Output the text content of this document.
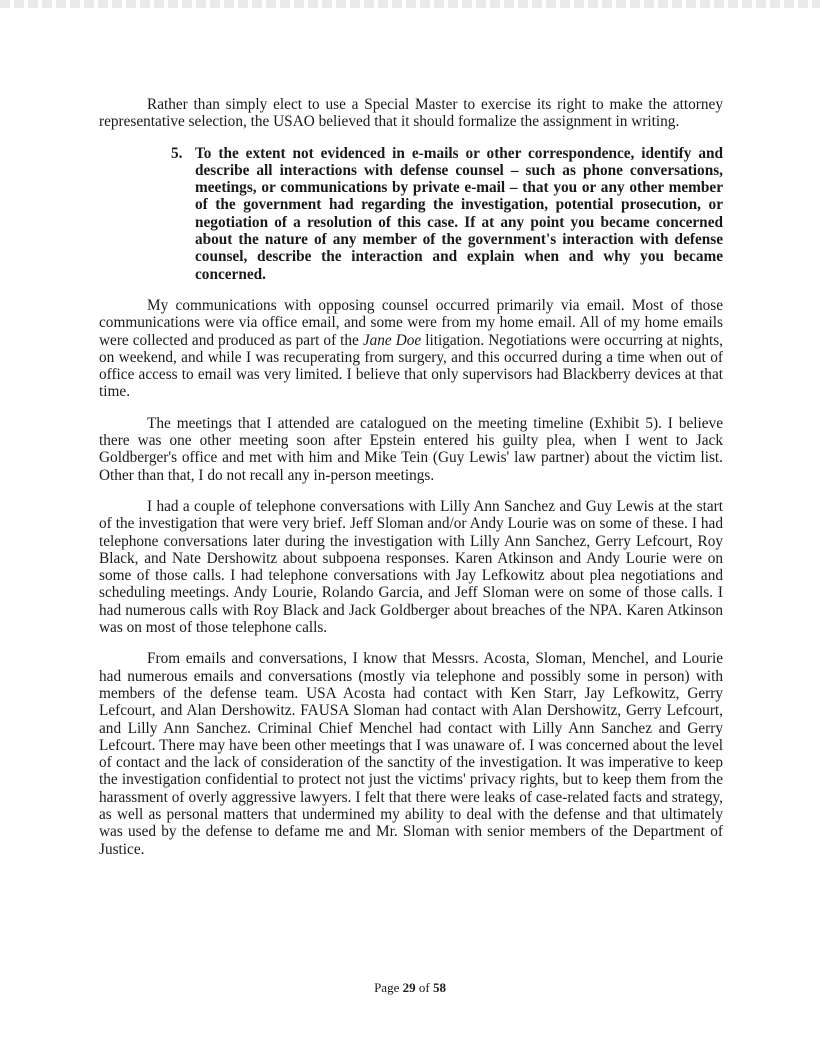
Rather than simply elect to use a Special Master to exercise its right to make the attorney representative selection, the USAO believed that it should formalize the assignment in writing.

5. To the extent not evidenced in e-mails or other correspondence, identify and describe all interactions with defense counsel – such as phone conversations, meetings, or communications by private e-mail – that you or any other member of the government had regarding the investigation, potential prosecution, or negotiation of a resolution of this case. If at any point you became concerned about the nature of any member of the government's interaction with defense counsel, describe the interaction and explain when and why you became concerned.

My communications with opposing counsel occurred primarily via email. Most of those communications were via office email, and some were from my home email. All of my home emails were collected and produced as part of the Jane Doe litigation. Negotiations were occurring at nights, on weekend, and while I was recuperating from surgery, and this occurred during a time when out of office access to email was very limited. I believe that only supervisors had Blackberry devices at that time.

The meetings that I attended are catalogued on the meeting timeline (Exhibit 5). I believe there was one other meeting soon after Epstein entered his guilty plea, when I went to Jack Goldberger's office and met with him and Mike Tein (Guy Lewis' law partner) about the victim list. Other than that, I do not recall any in-person meetings.

I had a couple of telephone conversations with Lilly Ann Sanchez and Guy Lewis at the start of the investigation that were very brief. Jeff Sloman and/or Andy Lourie was on some of these. I had telephone conversations later during the investigation with Lilly Ann Sanchez, Gerry Lefcourt, Roy Black, and Nate Dershowitz about subpoena responses. Karen Atkinson and Andy Lourie were on some of those calls. I had telephone conversations with Jay Lefkowitz about plea negotiations and scheduling meetings. Andy Lourie, Rolando Garcia, and Jeff Sloman were on some of those calls. I had numerous calls with Roy Black and Jack Goldberger about breaches of the NPA. Karen Atkinson was on most of those telephone calls.

From emails and conversations, I know that Messrs. Acosta, Sloman, Menchel, and Lourie had numerous emails and conversations (mostly via telephone and possibly some in person) with members of the defense team. USA Acosta had contact with Ken Starr, Jay Lefkowitz, Gerry Lefcourt, and Alan Dershowitz. FAUSA Sloman had contact with Alan Dershowitz, Gerry Lefcourt, and Lilly Ann Sanchez. Criminal Chief Menchel had contact with Lilly Ann Sanchez and Gerry Lefcourt. There may have been other meetings that I was unaware of. I was concerned about the level of contact and the lack of consideration of the sanctity of the investigation. It was imperative to keep the investigation confidential to protect not just the victims' privacy rights, but to keep them from the harassment of overly aggressive lawyers. I felt that there were leaks of case-related facts and strategy, as well as personal matters that undermined my ability to deal with the defense and that ultimately was used by the defense to defame me and Mr. Sloman with senior members of the Department of Justice.

Page 29 of 58
